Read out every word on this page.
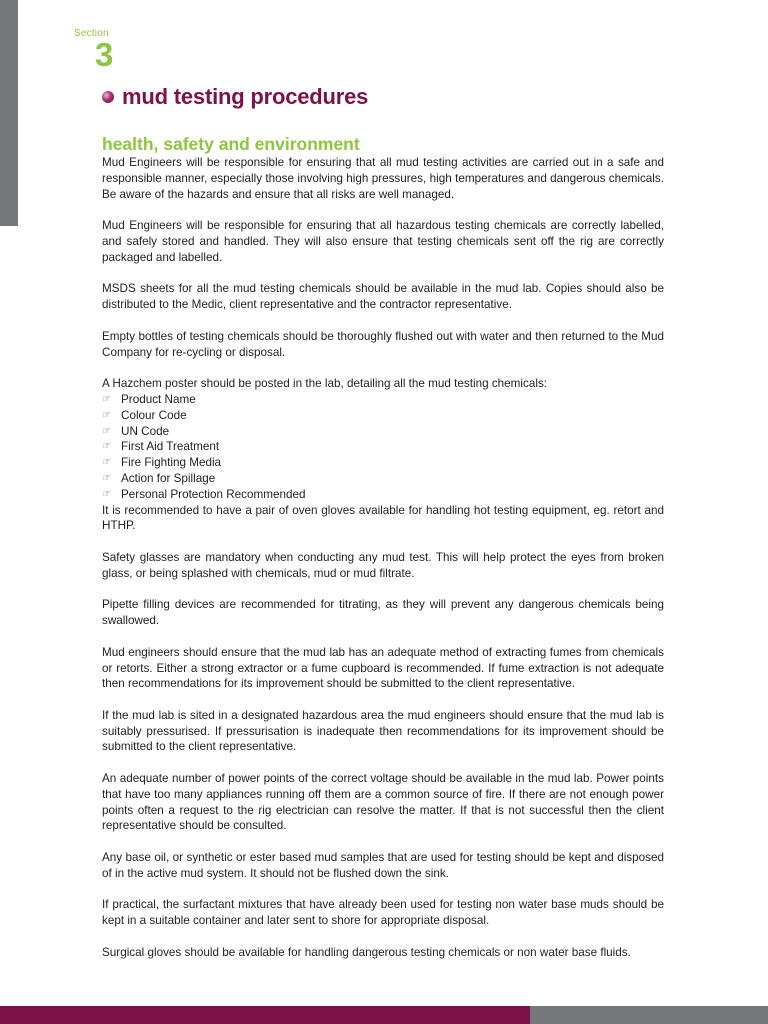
Section
3
mud testing procedures
health, safety and environment

Mud Engineers will be responsible for ensuring that all mud testing activities are carried out in a safe and responsible manner, especially those involving high pressures, high temperatures and dangerous chemicals. Be aware of the hazards and ensure that all risks are well managed.

Mud Engineers will be responsible for ensuring that all hazardous testing chemicals are correctly labelled, and safely stored and handled. They will also ensure that testing chemicals sent off the rig are correctly packaged and labelled.

MSDS sheets for all the mud testing chemicals should be available in the mud lab. Copies should also be distributed to the Medic, client representative and the contractor representative.

Empty bottles of testing chemicals should be thoroughly flushed out with water and then returned to the Mud Company for re-cycling or disposal.

A Hazchem poster should be posted in the lab, detailing all the mud testing chemicals:

☞ Product Name
☞ Colour Code
☞ UN Code
☞ First Aid Treatment
☞ Fire Fighting Media
☞ Action for Spillage
☞ Personal Protection Recommended

It is recommended to have a pair of oven gloves available for handling hot testing equipment, eg. retort and HTHP.

Safety glasses are mandatory when conducting any mud test. This will help protect the eyes from broken glass, or being splashed with chemicals, mud or mud filtrate.

Pipette filling devices are recommended for titrating, as they will prevent any dangerous chemicals being swallowed.

Mud engineers should ensure that the mud lab has an adequate method of extracting fumes from chemicals or retorts. Either a strong extractor or a fume cupboard is recommended. If fume extraction is not adequate then recommendations for its improvement should be submitted to the client representative.

If the mud lab is sited in a designated hazardous area the mud engineers should ensure that the mud lab is suitably pressurised. If pressurisation is inadequate then recommendations for its improvement should be submitted to the client representative.

An adequate number of power points of the correct voltage should be available in the mud lab. Power points that have too many appliances running off them are a common source of fire. If there are not enough power points often a request to the rig electrician can resolve the matter. If that is not successful then the client representative should be consulted.

Any base oil, or synthetic or ester based mud samples that are used for testing should be kept and disposed of in the active mud system. It should not be flushed down the sink.

If practical, the surfactant mixtures that have already been used for testing non water base muds should be kept in a suitable container and later sent to shore for appropriate disposal.

Surgical gloves should be available for handling dangerous testing chemicals or non water base fluids.
